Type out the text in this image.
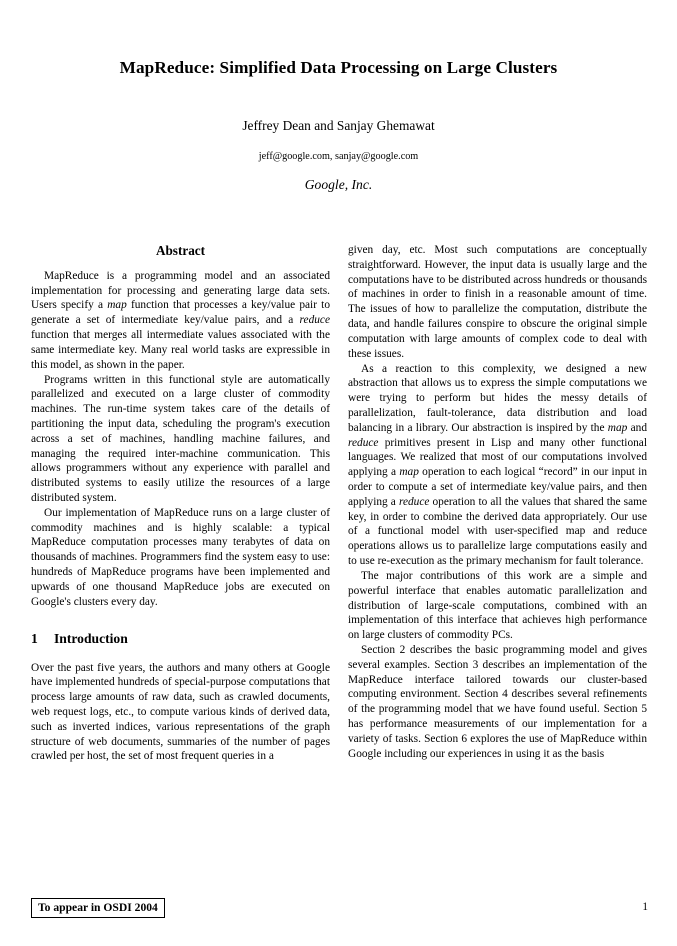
MapReduce: Simplified Data Processing on Large Clusters

Jeffrey Dean and Sanjay Ghemawat

jeff@google.com, sanjay@google.com

Google, Inc.

Abstract

MapReduce is a programming model and an associated implementation for processing and generating large data sets. Users specify a map function that processes a key/value pair to generate a set of intermediate key/value pairs, and a reduce function that merges all intermediate values associated with the same intermediate key. Many real world tasks are expressible in this model, as shown in the paper.

Programs written in this functional style are automatically parallelized and executed on a large cluster of commodity machines. The run-time system takes care of the details of partitioning the input data, scheduling the program's execution across a set of machines, handling machine failures, and managing the required inter-machine communication. This allows programmers without any experience with parallel and distributed systems to easily utilize the resources of a large distributed system.

Our implementation of MapReduce runs on a large cluster of commodity machines and is highly scalable: a typical MapReduce computation processes many terabytes of data on thousands of machines. Programmers find the system easy to use: hundreds of MapReduce programs have been implemented and upwards of one thousand MapReduce jobs are executed on Google's clusters every day.

1 Introduction

Over the past five years, the authors and many others at Google have implemented hundreds of special-purpose computations that process large amounts of raw data, such as crawled documents, web request logs, etc., to compute various kinds of derived data, such as inverted indices, various representations of the graph structure of web documents, summaries of the number of pages crawled per host, the set of most frequent queries in a

given day, etc. Most such computations are conceptually straightforward. However, the input data is usually large and the computations have to be distributed across hundreds or thousands of machines in order to finish in a reasonable amount of time. The issues of how to parallelize the computation, distribute the data, and handle failures conspire to obscure the original simple computation with large amounts of complex code to deal with these issues.

As a reaction to this complexity, we designed a new abstraction that allows us to express the simple computations we were trying to perform but hides the messy details of parallelization, fault-tolerance, data distribution and load balancing in a library. Our abstraction is inspired by the map and reduce primitives present in Lisp and many other functional languages. We realized that most of our computations involved applying a map operation to each logical “record” in our input in order to compute a set of intermediate key/value pairs, and then applying a reduce operation to all the values that shared the same key, in order to combine the derived data appropriately. Our use of a functional model with user-specified map and reduce operations allows us to parallelize large computations easily and to use re-execution as the primary mechanism for fault tolerance.

The major contributions of this work are a simple and powerful interface that enables automatic parallelization and distribution of large-scale computations, combined with an implementation of this interface that achieves high performance on large clusters of commodity PCs.

Section 2 describes the basic programming model and gives several examples. Section 3 describes an implementation of the MapReduce interface tailored towards our cluster-based computing environment. Section 4 describes several refinements of the programming model that we have found useful. Section 5 has performance measurements of our implementation for a variety of tasks. Section 6 explores the use of MapReduce within Google including our experiences in using it as the basis

To appear in OSDI 2004	1
